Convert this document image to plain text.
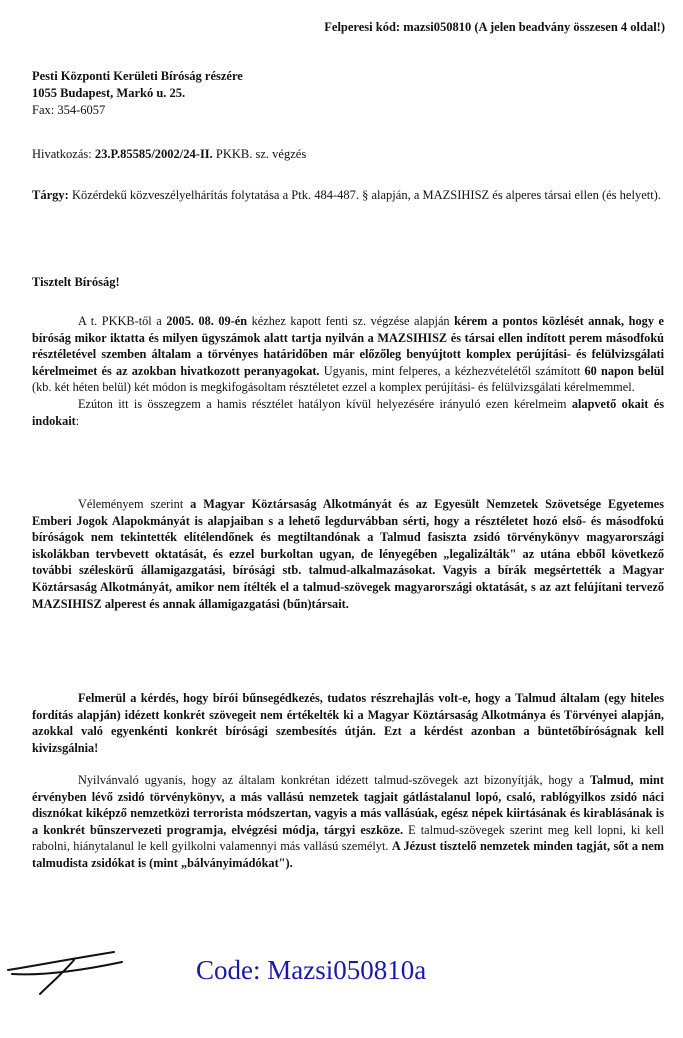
Felperesi kód: mazsi050810 (A jelen beadvány összesen 4 oldal!)
Pesti Központi Kerületi Bíróság részére
1055 Budapest, Markó u. 25.
Fax: 354-6057
Hivatkozás: 23.P.85585/2002/24-II. PKKB. sz. végzés
Tárgy: Közérdekű közveszélyelhárítás folytatása a Ptk. 484-487. § alapján, a MAZSIHISZ és alperes társai ellen (és helyett).
Tisztelt Bíróság!

A t. PKKB-től a 2005. 08. 09-én kézhez kapott fenti sz. végzése alapján kérem a pontos közlését annak, hogy e bíróság mikor iktatta és milyen ügyszámok alatt tartja nyilván a MAZSIHISZ és társai ellen indított perem másodfokú résztéletével szemben általam a törvényes határidőben már előzőleg benyújtott komplex perújítási- és felülvizsgálati kérelmeimet és az azokban hivatkozott peranyagokat. Ugyanis, mint felperes, a kézhezvételétől számított 60 napon belül (kb. két héten belül) két módon is megkifogásoltam résztéletet ezzel a komplex perújítási- és felülvizsgálati kérelmemmel.

Ezúton itt is összegzem a hamis résztélet hatályon kívül helyezésére irányuló ezen kérelmeim alapvető okait és indokait:

Véleményem szerint a Magyar Köztársaság Alkotmányát és az Egyesült Nemzetek Szövetsége Egyetemes Emberi Jogok Alapokmányát is alapjaiban s a lehető legdurvábban sérti, hogy a résztéletet hozó első- és másodfokú bíróságok nem tekintették elítélendőnek és megtiltandónak a Talmud fasiszta zsidó törvénykönyv magyarországi iskolákban tervbevett oktatását, és ezzel burkoltan ugyan, de lényegében „legalizálták" az utána ebből következő további széleskörű államigazgatási, bírósági stb. talmud-alkalmazásokat. Vagyis a bírák megsértették a Magyar Köztársaság Alkotmányát, amikor nem ítélték el a talmud-szövegek magyarországi oktatását, s az azt felújítani tervező MAZSIHISZ alperest és annak államigazgatási (bűn)társait.

Felmerül a kérdés, hogy bírói bűnsegédkezés, tudatos részrehajlás volt-e, hogy a Talmud általam (egy hiteles fordítás alapján) idézett konkrét szövegeit nem értékelték ki a Magyar Köztársaság Alkotmánya és Törvényei alapján, azokkal való egyenkénti konkrét bírósági szembesítés útján. Ezt a kérdést azonban a büntetőbíróságnak kell kivizsgálnia!

Nyilvánvaló ugyanis, hogy az általam konkrétan idézett talmud-szövegek azt bizonyítják, hogy a Talmud, mint érvényben lévő zsidó törvénykönyv, a más vallású nemzetek tagjait gátlástalanul lopó, csaló, rablógyilkos zsidó náci disznókat kiképző nemzetközi terrorista módszertan, vagyis a más vallásúak, egész népek kiirtásának és kirablásának is a konkrét bűnszervezeti programja, elvégzési módja, tárgyi eszköze. E talmud-szövegek szerint meg kell lopni, ki kell rabolni, hiánytalanul le kell gyilkolni valamennyi más vallású személyt. A Jézust tisztelő nemzetek minden tagját, sőt a nem talmudista zsidókat is (mint „bálványimádókat").

Code: Mazsi050810a
